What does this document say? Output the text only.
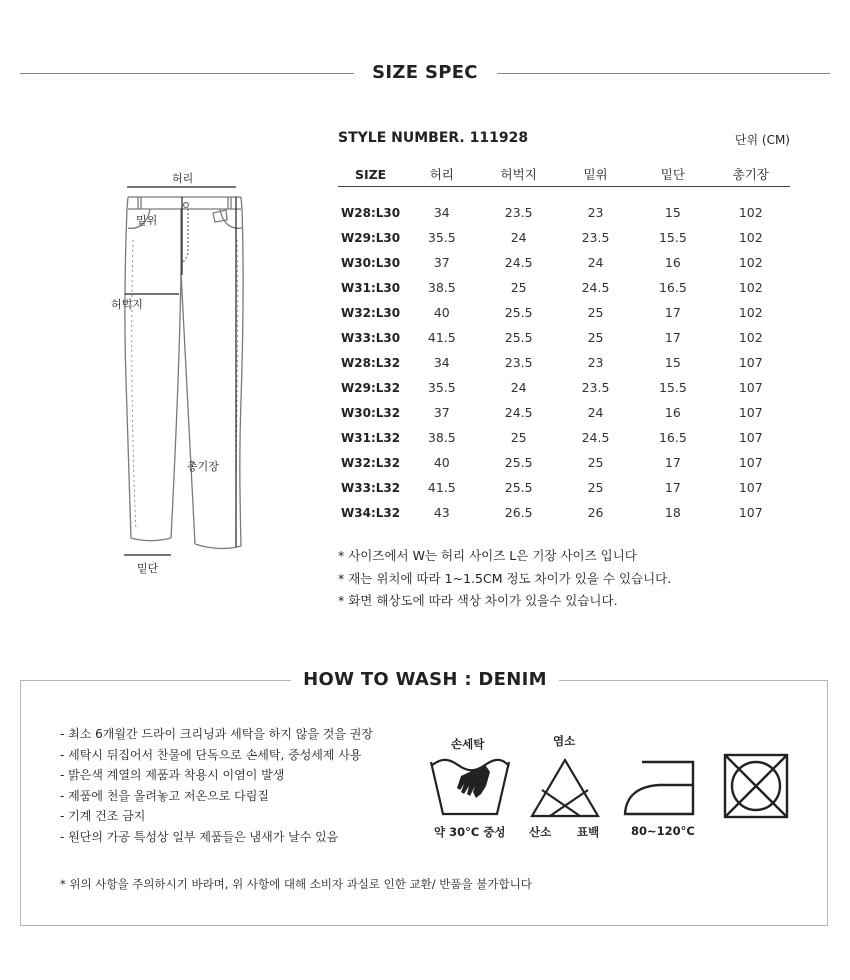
SIZE SPEC
허리
밑위
허벅지
총기장
밑단
STYLE NUMBER. 111928	단위 (CM)
SIZE	허리	허벅지	밑위	밑단	총기장
W28:L30	34	23.5	23	15	102
W29:L30	35.5	24	23.5	15.5	102
W30:L30	37	24.5	24	16	102
W31:L30	38.5	25	24.5	16.5	102
W32:L30	40	25.5	25	17	102
W33:L30	41.5	25.5	25	17	102
W28:L32	34	23.5	23	15	107
W29:L32	35.5	24	23.5	15.5	107
W30:L32	37	24.5	24	16	107
W31:L32	38.5	25	24.5	16.5	107
W32:L32	40	25.5	25	17	107
W33:L32	41.5	25.5	25	17	107
W34:L32	43	26.5	26	18	107
* 사이즈에서 W는 허리 사이즈 L은 기장 사이즈 입니다
* 재는 위치에 따라 1~1.5CM 정도 차이가 있을 수 있습니다.
* 화면 해상도에 따라 색상 차이가 있을수 있습니다.
HOW TO WASH : DENIM
- 최소 6개월간 드라이 크리닝과 세탁을 하지 않을 것을 권장
- 세탁시 뒤집어서 찬물에 단독으로 손세탁, 중성세제 사용
- 밝은색 계열의 제품과 착용시 이염이 발생
- 제품에 천을 올려놓고 저온으로 다림질
- 기계 건조 금지
- 원단의 가공 특성상 일부 제품들은 냄새가 날수 있음
손세탁
약 30°C 중성
염소
산소 표백	80~120°C
* 위의 사항을 주의하시기 바라며, 위 사항에 대해 소비자 과실로 인한 교환/ 반품을 불가합니다
